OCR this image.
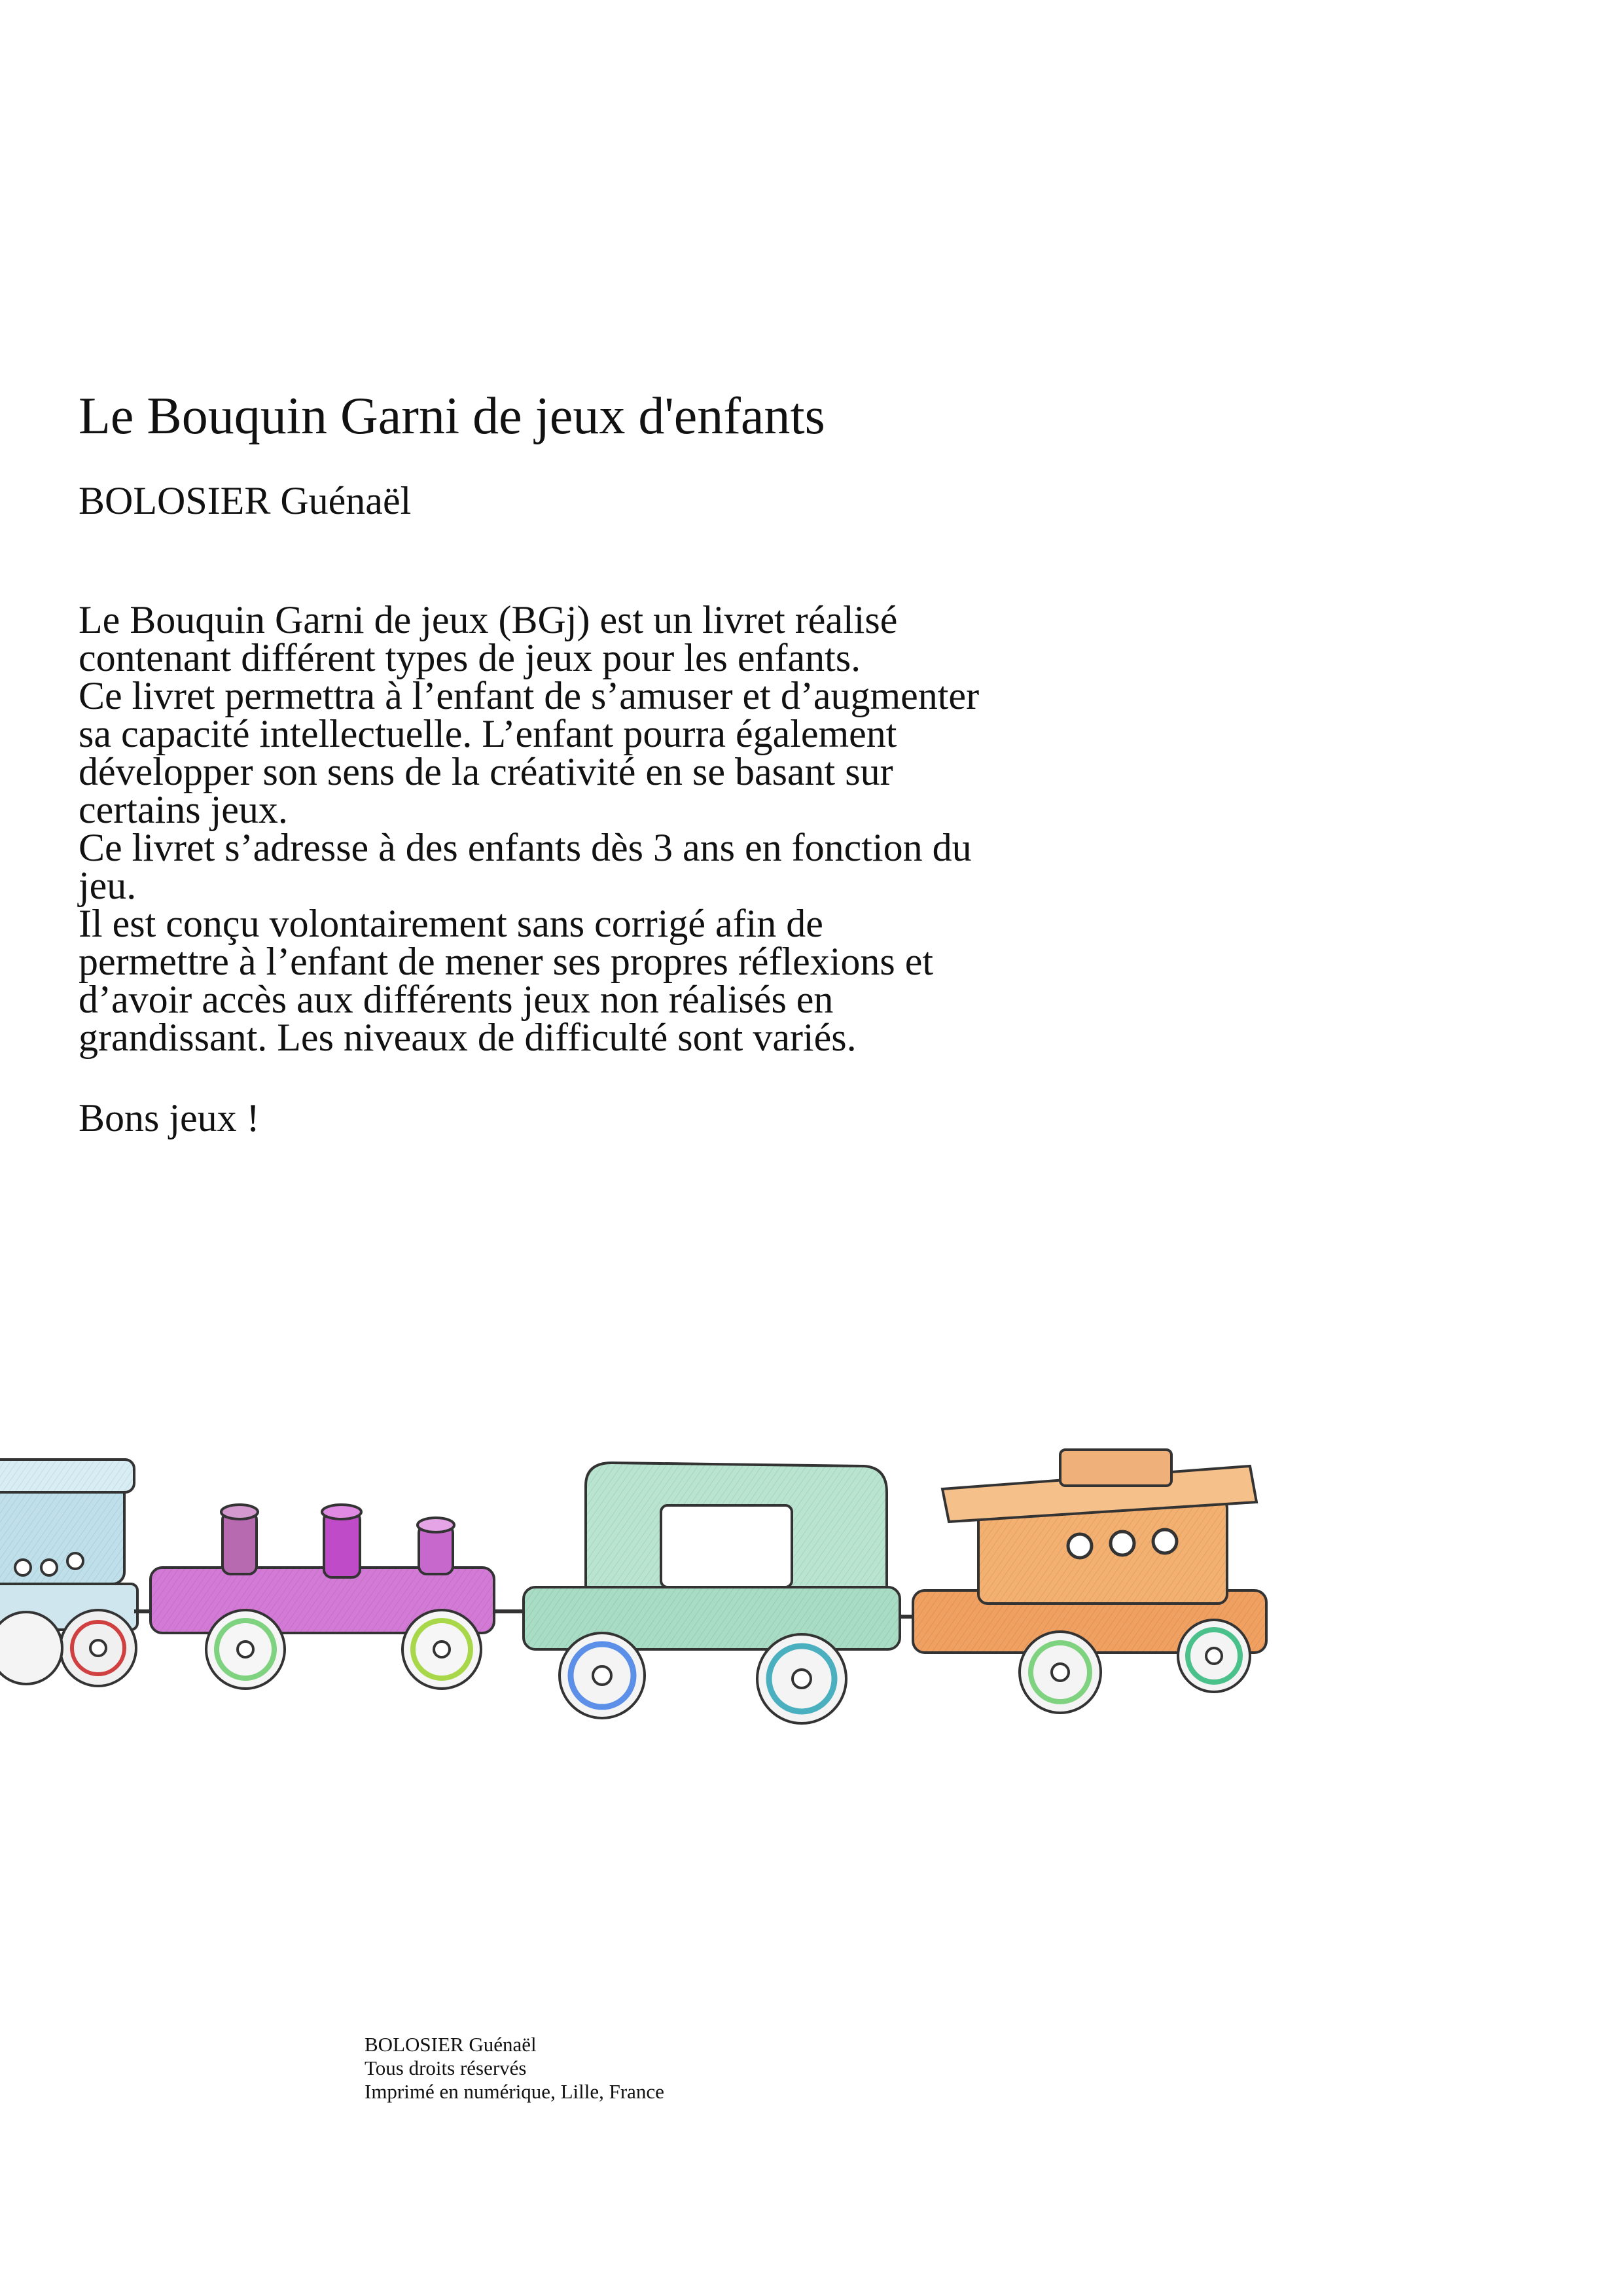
Le Bouquin Garni de jeux d'enfants
BOLOSIER Guénaël
Le Bouquin Garni de jeux (BGj) est un livret réalisé
contenant différent types de jeux pour les enfants.
Ce livret permettra à l’enfant de s’amuser et d’augmenter
sa capacité intellectuelle. L’enfant pourra également
développer son sens de la créativité en se basant sur
certains jeux.
Ce livret s’adresse à des enfants dès 3 ans en fonction du
jeu.
Il est conçu volontairement sans corrigé afin de
permettre à l’enfant de mener ses propres réflexions et
d’avoir accès aux différents jeux non réalisés en
grandissant. Les niveaux de difficulté sont variés.
Bons jeux !
BOLOSIER Guénaël
Tous droits réservés
Imprimé en numérique, Lille, France
